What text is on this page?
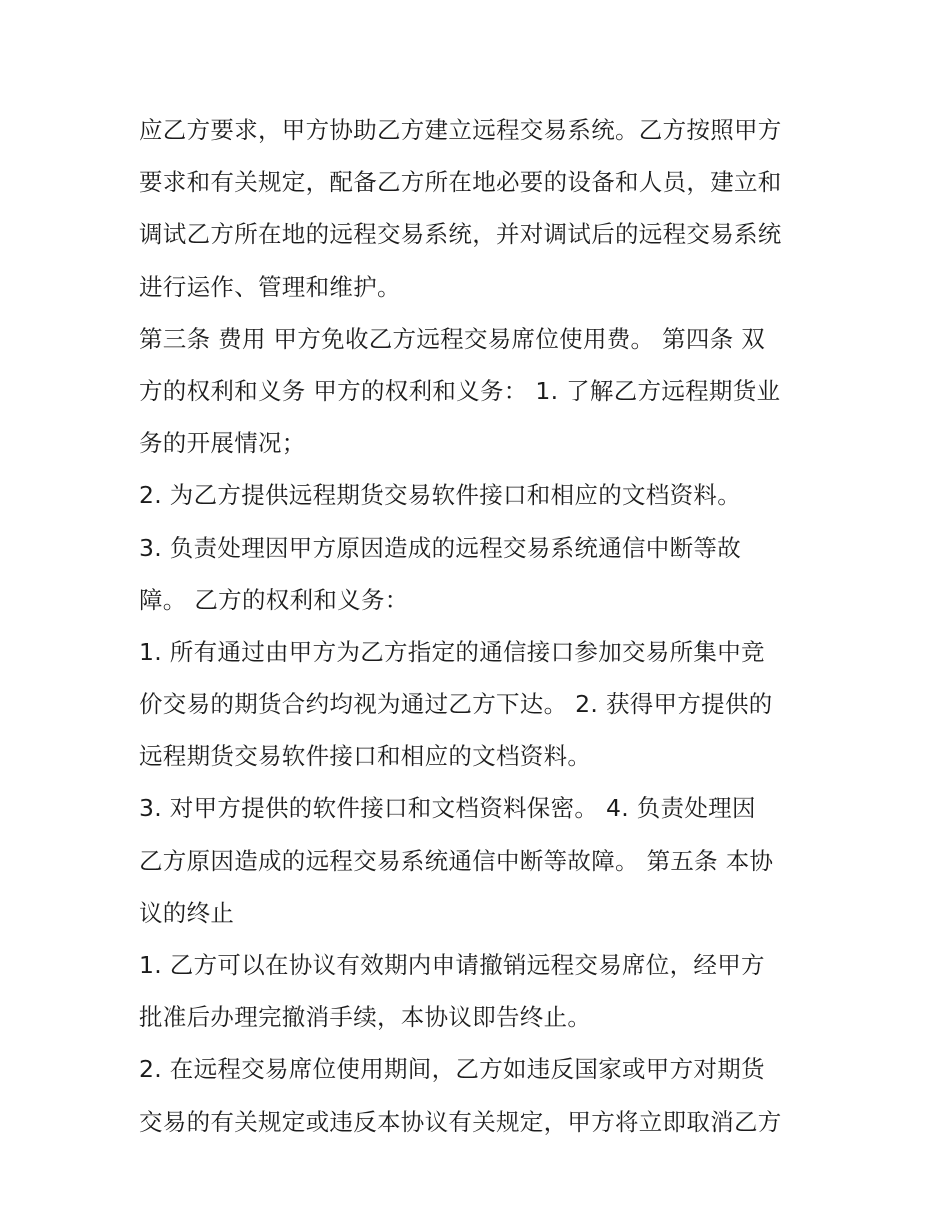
应乙方要求，甲方协助乙方建立远程交易系统。乙方按照甲方
要求和有关规定，配备乙方所在地必要的设备和人员，建立和
调试乙方所在地的远程交易系统，并对调试后的远程交易系统
进行运作、管理和维护。
第三条 费用 甲方免收乙方远程交易席位使用费。 第四条 双
方的权利和义务 甲方的权利和义务： 1. 了解乙方远程期货业
务的开展情况；
2. 为乙方提供远程期货交易软件接口和相应的文档资料。
3. 负责处理因甲方原因造成的远程交易系统通信中断等故
障。 乙方的权利和义务：
1. 所有通过由甲方为乙方指定的通信接口参加交易所集中竞
价交易的期货合约均视为通过乙方下达。 2. 获得甲方提供的
远程期货交易软件接口和相应的文档资料。
3. 对甲方提供的软件接口和文档资料保密。 4. 负责处理因
乙方原因造成的远程交易系统通信中断等故障。 第五条 本协
议的终止
1. 乙方可以在协议有效期内申请撤销远程交易席位，经甲方
批准后办理完撤消手续，本协议即告终止。
2. 在远程交易席位使用期间，乙方如违反国家或甲方对期货
交易的有关规定或违反本协议有关规定，甲方将立即取消乙方
